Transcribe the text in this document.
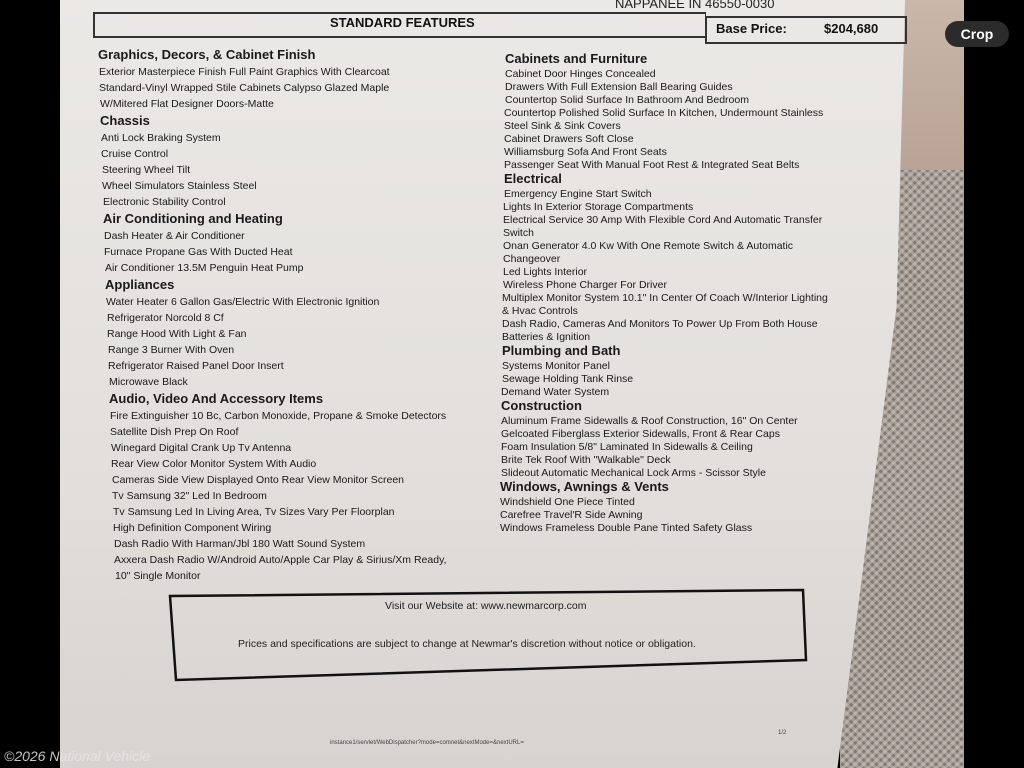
NAPPANEE IN 46550-0030
STANDARD FEATURES	Base Price:	$204,680
Graphics, Decors, & Cabinet Finish
Exterior Masterpiece Finish Full Paint Graphics With Clearcoat
Standard-Vinyl Wrapped Stile Cabinets Calypso Glazed Maple
W/Mitered Flat Designer Doors-Matte
Chassis
Anti Lock Braking System
Cruise Control
Steering Wheel Tilt
Wheel Simulators Stainless Steel
Electronic Stability Control
Air Conditioning and Heating
Dash Heater & Air Conditioner
Furnace Propane Gas With Ducted Heat
Air Conditioner 13.5M Penguin Heat Pump
Appliances
Water Heater 6 Gallon Gas/Electric With Electronic Ignition
Refrigerator Norcold 8 Cf
Range Hood With Light & Fan
Range 3 Burner With Oven
Refrigerator Raised Panel Door Insert
Microwave Black
Audio, Video And Accessory Items
Fire Extinguisher 10 Bc, Carbon Monoxide, Propane & Smoke Detectors
Satellite Dish Prep On Roof
Winegard Digital Crank Up Tv Antenna
Rear View Color Monitor System With Audio
Cameras Side View Displayed Onto Rear View Monitor Screen
Tv Samsung 32" Led In Bedroom
Tv Samsung Led In Living Area, Tv Sizes Vary Per Floorplan
High Definition Component Wiring
Dash Radio With Harman/Jbl 180 Watt Sound System
Axxera Dash Radio W/Android Auto/Apple Car Play & Sirius/Xm Ready,
10" Single Monitor
Cabinets and Furniture
Cabinet Door Hinges Concealed
Drawers With Full Extension Ball Bearing Guides
Countertop Solid Surface In Bathroom And Bedroom
Countertop Polished Solid Surface In Kitchen, Undermount Stainless
Steel Sink & Sink Covers
Cabinet Drawers Soft Close
Williamsburg Sofa And Front Seats
Passenger Seat With Manual Foot Rest & Integrated Seat Belts
Electrical
Emergency Engine Start Switch
Lights In Exterior Storage Compartments
Electrical Service 30 Amp With Flexible Cord And Automatic Transfer
Switch
Onan Generator 4.0 Kw With One Remote Switch & Automatic
Changeover
Led Lights Interior
Wireless Phone Charger For Driver
Multiplex Monitor System 10.1" In Center Of Coach W/Interior Lighting
& Hvac Controls
Dash Radio, Cameras And Monitors To Power Up From Both House
Batteries & Ignition
Plumbing and Bath
Systems Monitor Panel
Sewage Holding Tank Rinse
Demand Water System
Construction
Aluminum Frame Sidewalls & Roof Construction, 16" On Center
Gelcoated Fiberglass Exterior Sidewalls, Front & Rear Caps
Foam Insulation 5/8" Laminated In Sidewalls & Ceiling
Brite Tek Roof With "Walkable" Deck
Slideout Automatic Mechanical Lock Arms - Scissor Style
Windows, Awnings & Vents
Windshield One Piece Tinted
Carefree Travel'R Side Awning
Windows Frameless Double Pane Tinted Safety Glass
Visit our Website at: www.newmarcorp.com
Prices and specifications are subject to change at Newmar's discretion without notice or obligation.
instance1/servlet/WebDispatcher?mode=comnet&nextMode=&nextURL=
1/2
©2026 National Vehicle
Crop
